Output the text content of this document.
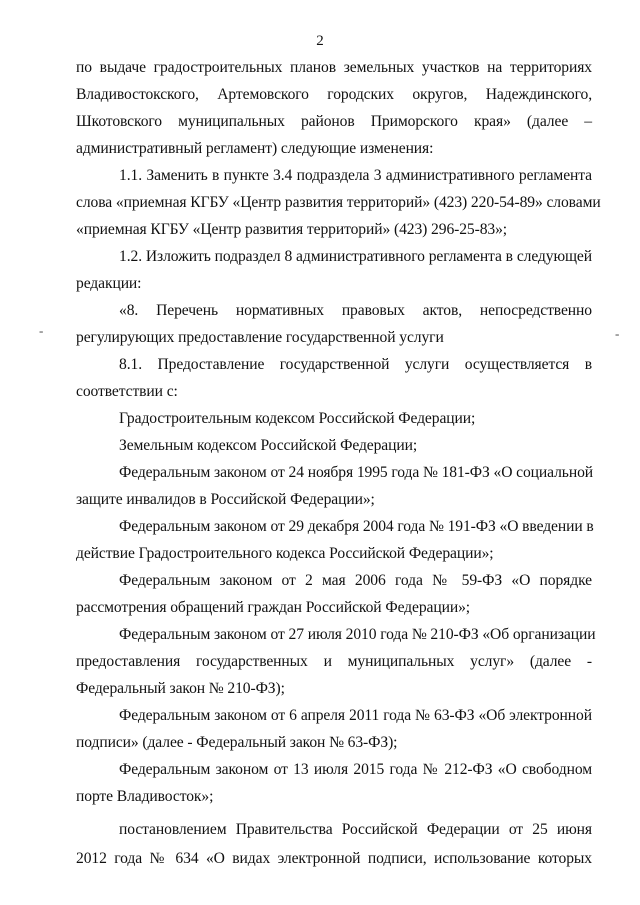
2
по выдаче градостроительных планов земельных участков на территориях
Владивостокского, Артемовского городских округов, Надеждинского,
Шкотовского муниципальных районов Приморского края» (далее –
административный регламент) следующие изменения:
1.1. Заменить в пункте 3.4 подраздела 3 административного регламента
слова «приемная КГБУ «Центр развития территорий» (423) 220-54-89» словами
«приемная КГБУ «Центр развития территорий» (423) 296-25-83»;
1.2. Изложить подраздел 8 административного регламента в следующей
редакции:
«8. Перечень нормативных правовых актов, непосредственно
регулирующих предоставление государственной услуги
8.1. Предоставление государственной услуги осуществляется в
соответствии с:
Градостроительным кодексом Российской Федерации;
Земельным кодексом Российской Федерации;
Федеральным законом от 24 ноября 1995 года № 181-ФЗ «О социальной
защите инвалидов в Российской Федерации»;
Федеральным законом от 29 декабря 2004 года № 191-ФЗ «О введении в
действие Градостроительного кодекса Российской Федерации»;
Федеральным законом от 2 мая 2006 года № 59-ФЗ «О порядке
рассмотрения обращений граждан Российской Федерации»;
Федеральным законом от 27 июля 2010 года № 210-ФЗ «Об организации
предоставления государственных и муниципальных услуг» (далее -
Федеральный закон № 210-ФЗ);
Федеральным законом от 6 апреля 2011 года № 63-ФЗ «Об электронной
подписи» (далее - Федеральный закон № 63-ФЗ);
Федеральным законом от 13 июля 2015 года № 212-ФЗ «О свободном
порте Владивосток»;
постановлением Правительства Российской Федерации от 25 июня
2012 года № 634 «О видах электронной подписи, использование которых
-	-
